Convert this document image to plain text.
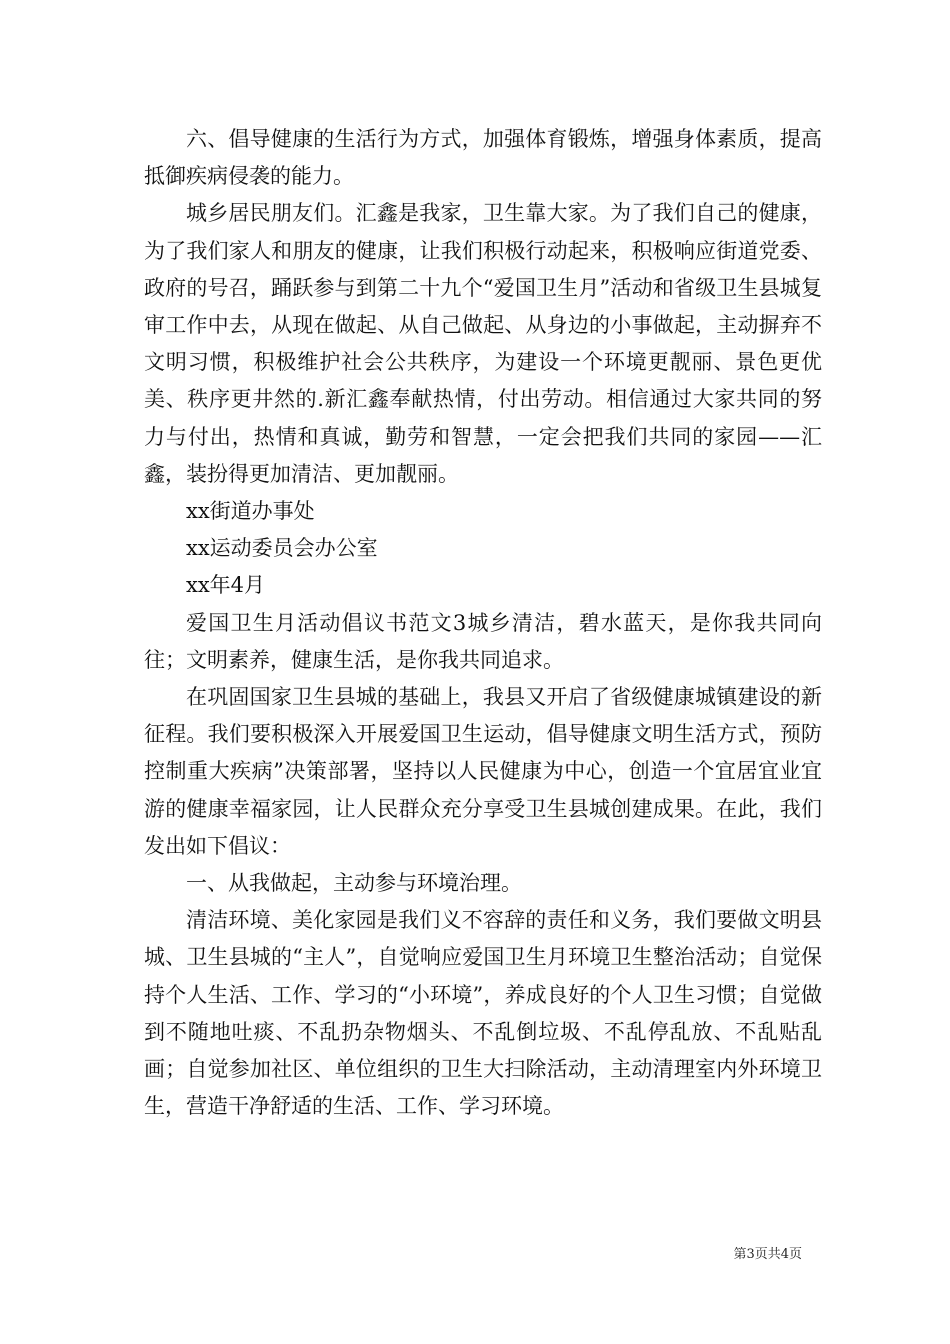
六、倡导健康的生活行为方式，加强体育锻炼，增强身体素质，提高抵御疾病侵袭的能力。

城乡居民朋友们。汇鑫是我家，卫生靠大家。为了我们自己的健康，为了我们家人和朋友的健康，让我们积极行动起来，积极响应街道党委、政府的号召，踊跃参与到第二十九个“爱国卫生月”活动和省级卫生县城复审工作中去，从现在做起、从自己做起、从身边的小事做起，主动摒弃不文明习惯，积极维护社会公共秩序，为建设一个环境更靓丽、景色更优美、秩序更井然的.新汇鑫奉献热情，付出劳动。相信通过大家共同的努力与付出，热情和真诚，勤劳和智慧，一定会把我们共同的家园——汇鑫，装扮得更加清洁、更加靓丽。

xx街道办事处

xx运动委员会办公室

xx年4月

爱国卫生月活动倡议书范文3城乡清洁，碧水蓝天，是你我共同向往；文明素养，健康生活，是你我共同追求。

在巩固国家卫生县城的基础上，我县又开启了省级健康城镇建设的新征程。我们要积极深入开展爱国卫生运动，倡导健康文明生活方式，预防控制重大疾病”决策部署，坚持以人民健康为中心，创造一个宜居宜业宜游的健康幸福家园，让人民群众充分享受卫生县城创建成果。在此，我们发出如下倡议：

一、从我做起，主动参与环境治理。

清洁环境、美化家园是我们义不容辞的责任和义务，我们要做文明县城、卫生县城的“主人”，自觉响应爱国卫生月环境卫生整治活动；自觉保持个人生活、工作、学习的“小环境”，养成良好的个人卫生习惯；自觉做到不随地吐痰、不乱扔杂物烟头、不乱倒垃圾、不乱停乱放、不乱贴乱画；自觉参加社区、单位组织的卫生大扫除活动，主动清理室内外环境卫生，营造干净舒适的生活、工作、学习环境。

第3页共4页
